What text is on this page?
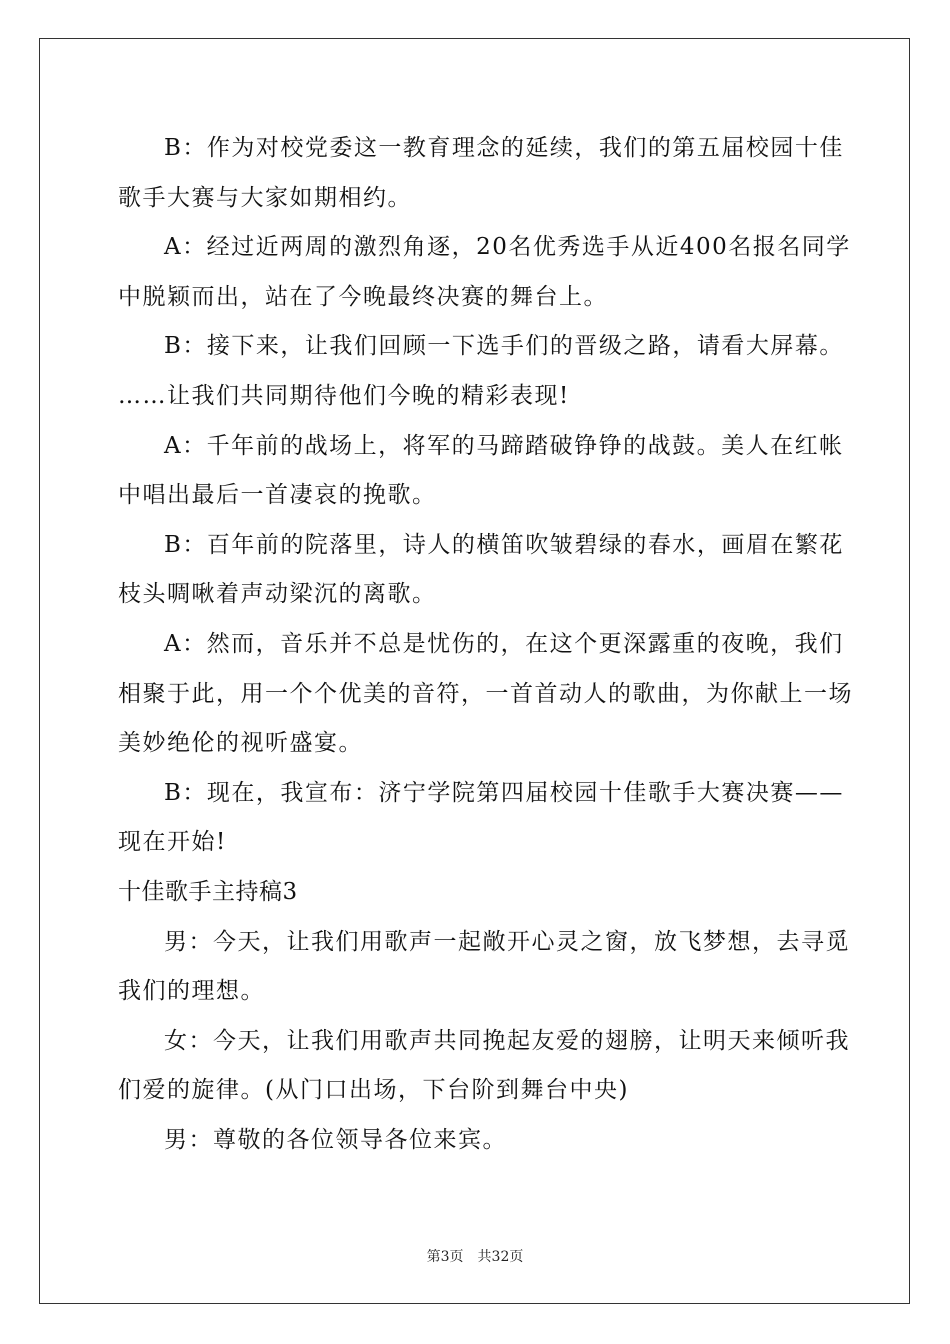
B：作为对校党委这一教育理念的延续，我们的第五届校园十佳
歌手大赛与大家如期相约。
A：经过近两周的激烈角逐，20名优秀选手从近400名报名同学
中脱颖而出，站在了今晚最终决赛的舞台上。
B：接下来，让我们回顾一下选手们的晋级之路，请看大屏幕。
……让我们共同期待他们今晚的精彩表现!
A：千年前的战场上，将军的马蹄踏破铮铮的战鼓。美人在红帐
中唱出最后一首凄哀的挽歌。
B：百年前的院落里，诗人的横笛吹皱碧绿的春水，画眉在繁花
枝头啁啾着声动梁沉的离歌。
A：然而，音乐并不总是忧伤的，在这个更深露重的夜晚，我们
相聚于此，用一个个优美的音符，一首首动人的歌曲，为你献上一场
美妙绝伦的视听盛宴。
B：现在，我宣布：济宁学院第四届校园十佳歌手大赛决赛——
现在开始!
十佳歌手主持稿3
男：今天，让我们用歌声一起敞开心灵之窗，放飞梦想，去寻觅
我们的理想。
女：今天，让我们用歌声共同挽起友爱的翅膀，让明天来倾听我
们爱的旋律。(从门口出场，下台阶到舞台中央)
男：尊敬的各位领导各位来宾。
第3页 共32页
